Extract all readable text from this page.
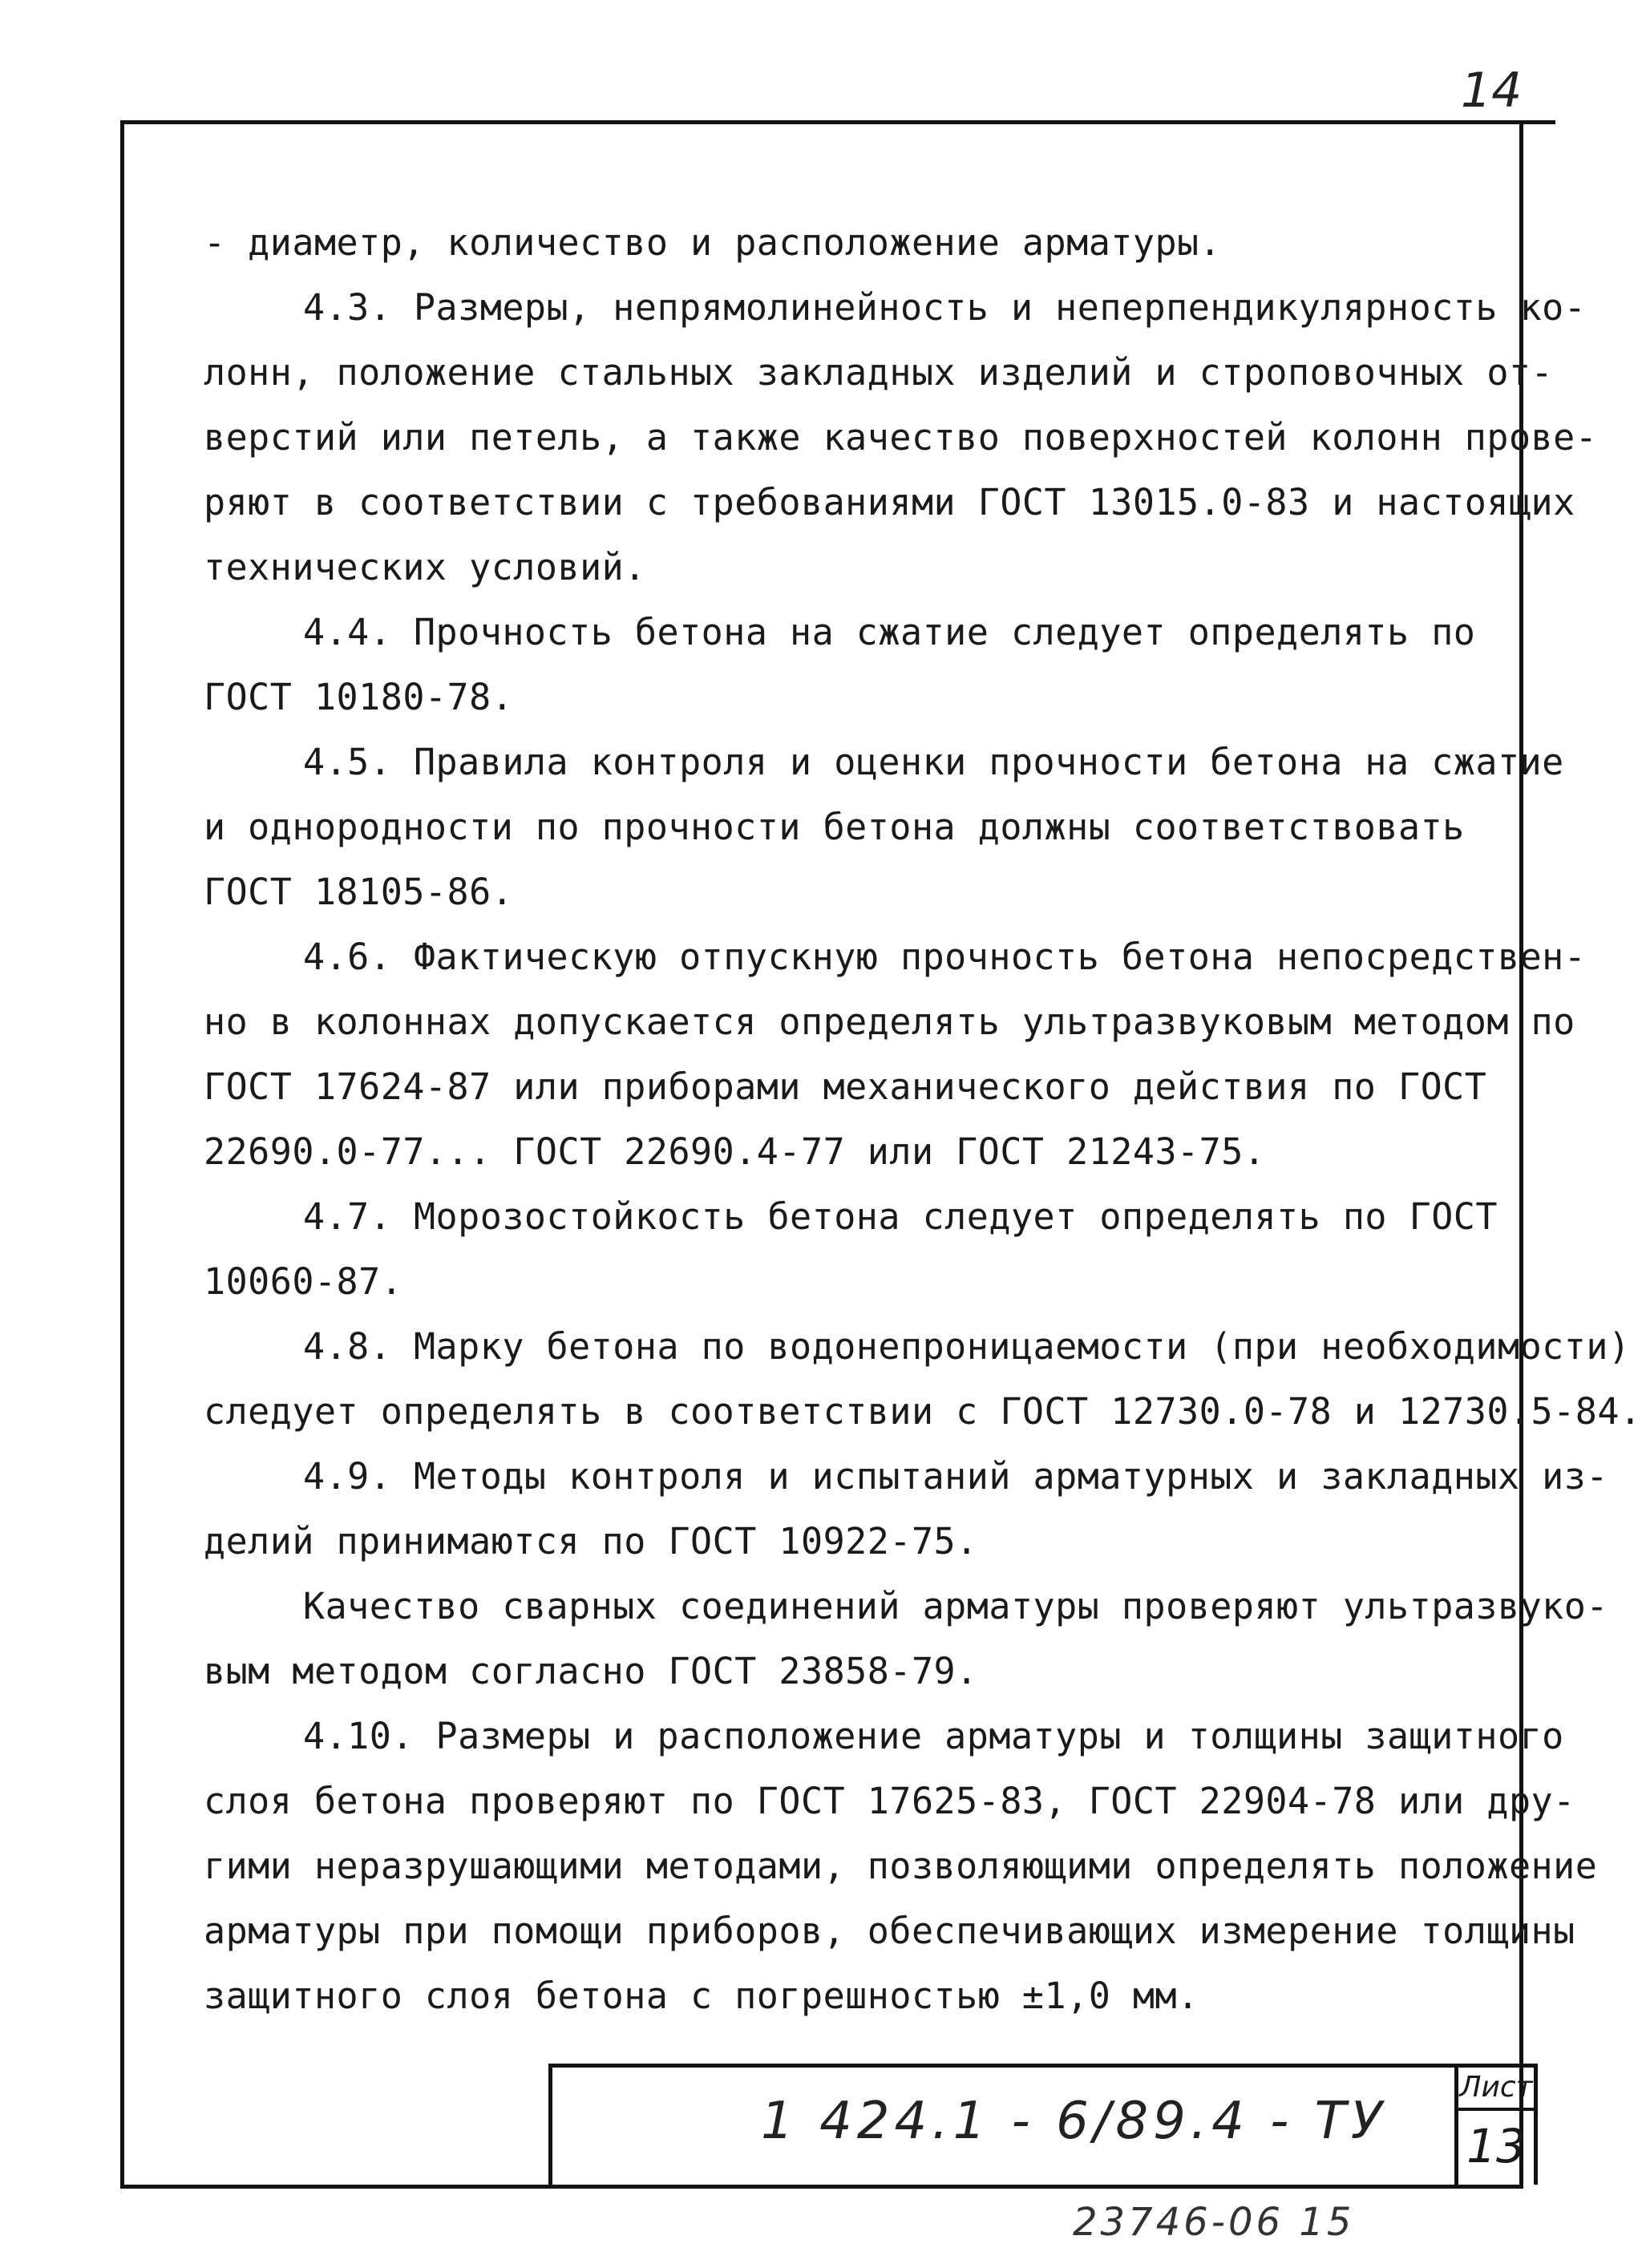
14
- диаметр, количество и расположение арматуры.
4.3. Размеры, непрямолинейность и неперпендикулярность ко-
лонн, положение стальных закладных изделий и строповочных от-
верстий или петель, а также качество поверхностей колонн прове-
ряют в соответствии с требованиями ГОСТ 13015.0-83 и настоящих
технических условий.
4.4. Прочность бетона на сжатие следует определять по
ГОСТ 10180-78.
4.5. Правила контроля и оценки прочности бетона на сжатие
и однородности по прочности бетона должны соответствовать
ГОСТ 18105-86.
4.6. Фактическую отпускную прочность бетона непосредствен-
но в колоннах допускается определять ультразвуковым методом по
ГОСТ 17624-87 или приборами механического действия по ГОСТ
22690.0-77... ГОСТ 22690.4-77 или ГОСТ 21243-75.
4.7. Морозостойкость бетона следует определять по ГОСТ
10060-87.
4.8. Марку бетона по водонепроницаемости (при необходимости)
следует определять в соответствии с ГОСТ 12730.0-78 и 12730.5-84.
4.9. Методы контроля и испытаний арматурных и закладных из-
делий принимаются по ГОСТ 10922-75.
Качество сварных соединений арматуры проверяют ультразвуко-
вым методом согласно ГОСТ 23858-79.
4.10. Размеры и расположение арматуры и толщины защитного
слоя бетона проверяют по ГОСТ 17625-83, ГОСТ 22904-78 или дру-
гими неразрушающими методами, позволяющими определять положение
арматуры при помощи приборов, обеспечивающих измерение толщины
защитного слоя бетона с погрешностью ±1,0 мм.
1 424.1 - 6/89.4 - ТУ
Лист
13
23746-06 15
